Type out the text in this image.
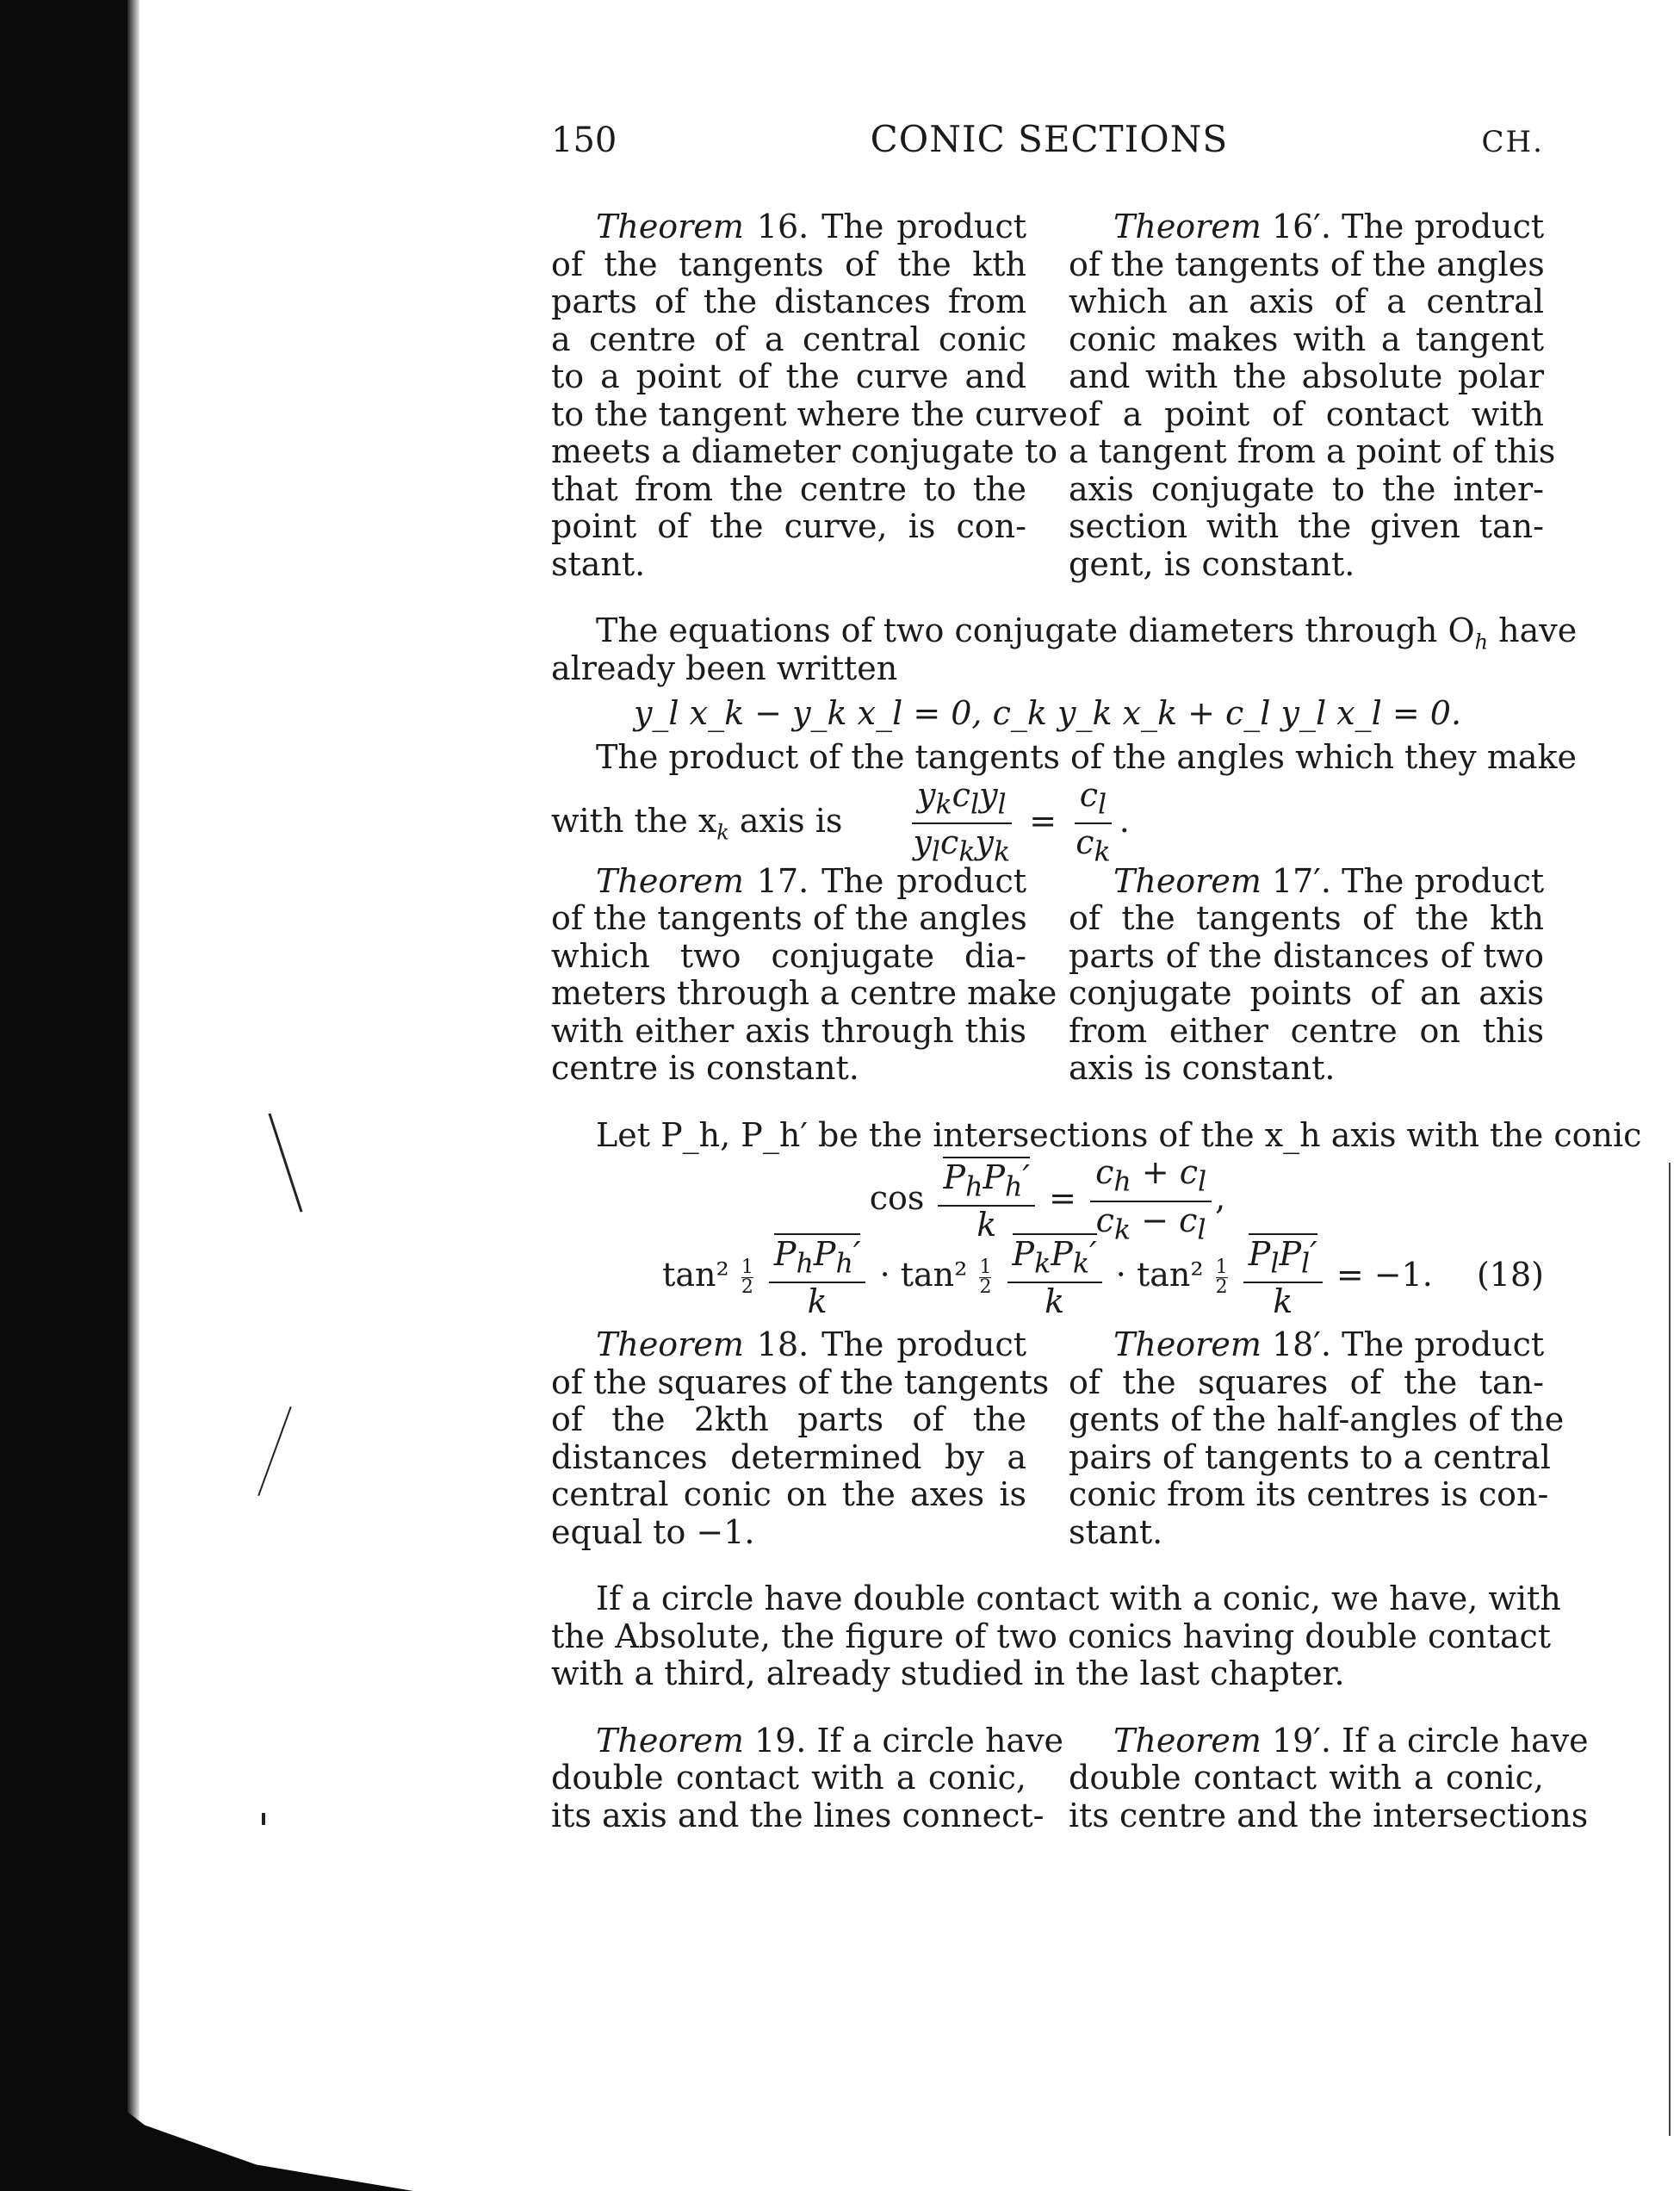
150	CONIC SECTIONS	CH.
Theorem 16. The product
of the tangents of the kth
parts of the distances from
a centre of a central conic
to a point of the curve and
to the tangent where the curve
meets a diameter conjugate to
that from the centre to the
point of the curve, is con-
stant.
Theorem 16′. The product
of the tangents of the angles
which an axis of a central
conic makes with a tangent
and with the absolute polar
of a point of contact with
a tangent from a point of this
axis conjugate to the inter-
section with the given tan-
gent, is constant.
The equations of two conjugate diameters through $O_h$ have
already been written
y_l x_k − y_k x_l = 0, c_k y_k x_k + c_l y_l x_l = 0.
The product of the tangents of the angles which they make
with the $x_k$ axis is $\frac{y_kc_ly_l}{y_lc_ky_k} = \frac{c_l}{c_k}$ .
Theorem 17. The product
of the tangents of the angles
which two conjugate dia-
meters through a centre make
with either axis through this
centre is constant.
Theorem 17′. The product
of the tangents of the kth
parts of the distances of two
conjugate points of an axis
from either centre on this
axis is constant.
Let P_h, P_h′ be the intersections of the x_h axis with the conic
$\cos \frac{P_hP_h'}{k} = \frac{c_h + c_l}{c_k - c_l}$ ,
$\tan^2 \frac{1}{2}$
$\frac{P_hP_h'}{k} \cdot \tan^2 \frac{1}{2}$
$\frac{P_kP_k'}{k} \cdot \tan^2 \frac{1}{2}$
$\frac{P_lP_l'}{k} = -1$. (18)
Theorem 18. The product
of the squares of the tangents
of the 2kth parts of the
distances determined by a
central conic on the axes is
equal to −1.
Theorem 18′. The product
of the squares of the tan-
gents of the half-angles of the
pairs of tangents to a central
conic from its centres is con-
stant.
If a circle have double contact with a conic, we have, with
the Absolute, the figure of two conics having double contact
with a third, already studied in the last chapter.
Theorem 19. If a circle have
double contact with a conic,
its axis and the lines connect-
Theorem 19′. If a circle have
double contact with a conic,
its centre and the intersections
